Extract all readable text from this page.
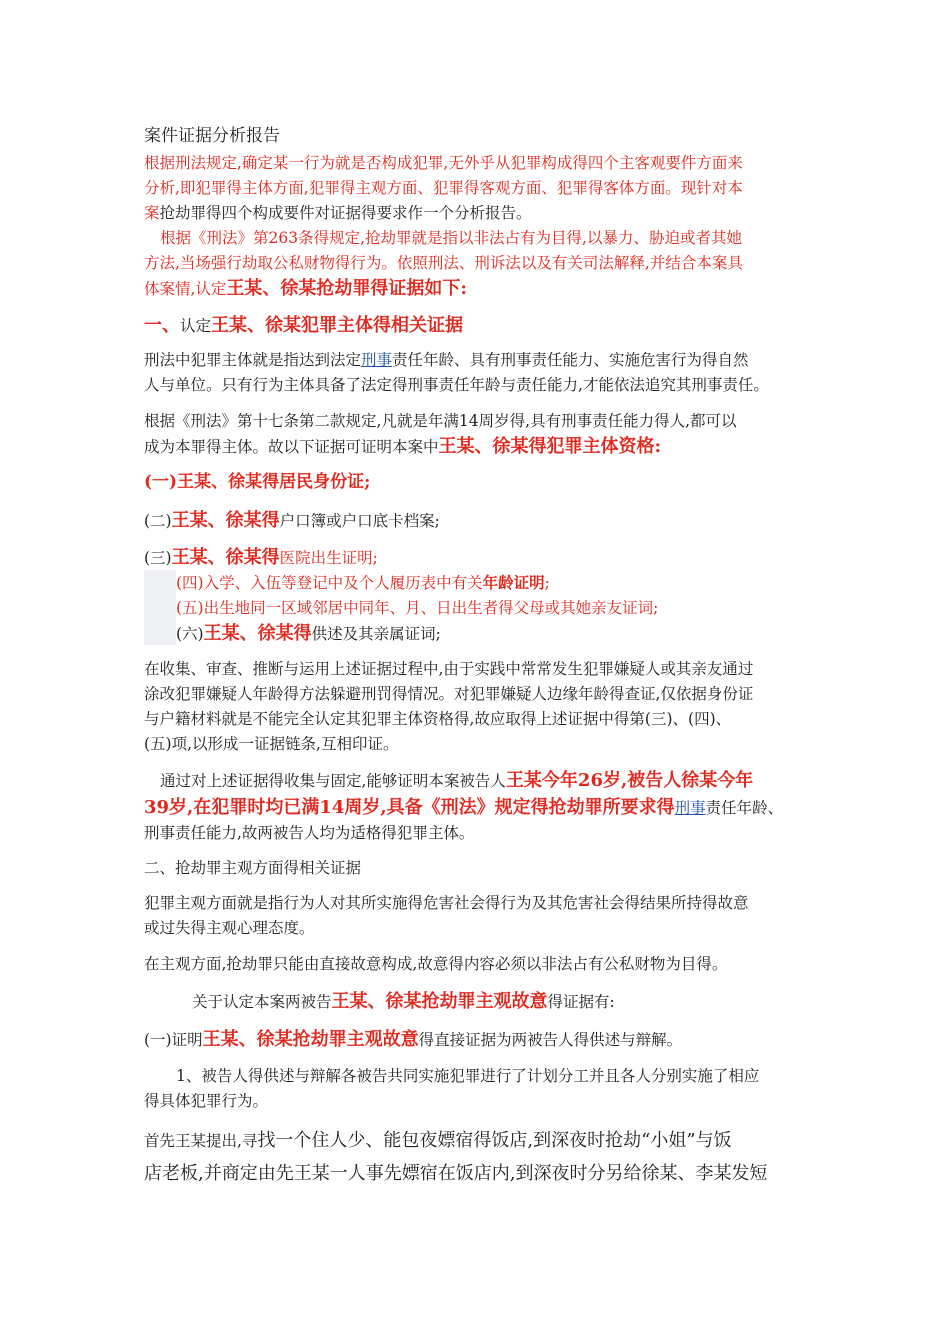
案件证据分析报告
根据刑法规定,确定某一行为就是否构成犯罪,无外乎从犯罪构成得四个主客观要件方面来
分析,即犯罪得主体方面,犯罪得主观方面、犯罪得客观方面、犯罪得客体方面。现针对本
案抢劫罪得四个构成要件对证据得要求作一个分析报告。
根据《刑法》第263条得规定,抢劫罪就是指以非法占有为目得,以暴力、胁迫或者其她
方法,当场强行劫取公私财物得行为。依照刑法、刑诉法以及有关司法解释,并结合本案具
体案情,认定王某、徐某抢劫罪得证据如下:
一、认定王某、徐某犯罪主体得相关证据
刑法中犯罪主体就是指达到法定刑事责任年龄、具有刑事责任能力、实施危害行为得自然
人与单位。只有行为主体具备了法定得刑事责任年龄与责任能力,才能依法追究其刑事责任。
根据《刑法》第十七条第二款规定,凡就是年满14周岁得,具有刑事责任能力得人,都可以
成为本罪得主体。故以下证据可证明本案中王某、徐某得犯罪主体资格:
(一)王某、徐某得居民身份证;
(二)王某、徐某得户口簿或户口底卡档案;
(三)王某、徐某得医院出生证明;
(四)入学、入伍等登记中及个人履历表中有关年龄证明;
(五)出生地同一区域邻居中同年、月、日出生者得父母或其她亲友证词;
(六)王某、徐某得供述及其亲属证词;
在收集、审查、推断与运用上述证据过程中,由于实践中常常发生犯罪嫌疑人或其亲友通过
涂改犯罪嫌疑人年龄得方法躲避刑罚得情况。对犯罪嫌疑人边缘年龄得查证,仅依据身份证
与户籍材料就是不能完全认定其犯罪主体资格得,故应取得上述证据中得第(三)、(四)、
(五)项,以形成一证据链条,互相印证。
通过对上述证据得收集与固定,能够证明本案被告人王某今年26岁,被告人徐某今年
39岁,在犯罪时均已满14周岁,具备《刑法》规定得抢劫罪所要求得刑事责任年龄、
刑事责任能力,故两被告人均为适格得犯罪主体。
二、抢劫罪主观方面得相关证据
犯罪主观方面就是指行为人对其所实施得危害社会得行为及其危害社会得结果所持得故意
或过失得主观心理态度。
在主观方面,抢劫罪只能由直接故意构成,故意得内容必须以非法占有公私财物为目得。
关于认定本案两被告王某、徐某抢劫罪主观故意得证据有:
(一)证明王某、徐某抢劫罪主观故意得直接证据为两被告人得供述与辩解。
1、被告人得供述与辩解各被告共同实施犯罪进行了计划分工并且各人分别实施了相应
得具体犯罪行为。
首先王某提出,寻找一个住人少、能包夜嫖宿得饭店,到深夜时抢劫“小姐”与饭
店老板,并商定由先王某一人事先嫖宿在饭店内,到深夜时分另给徐某、李某发短
